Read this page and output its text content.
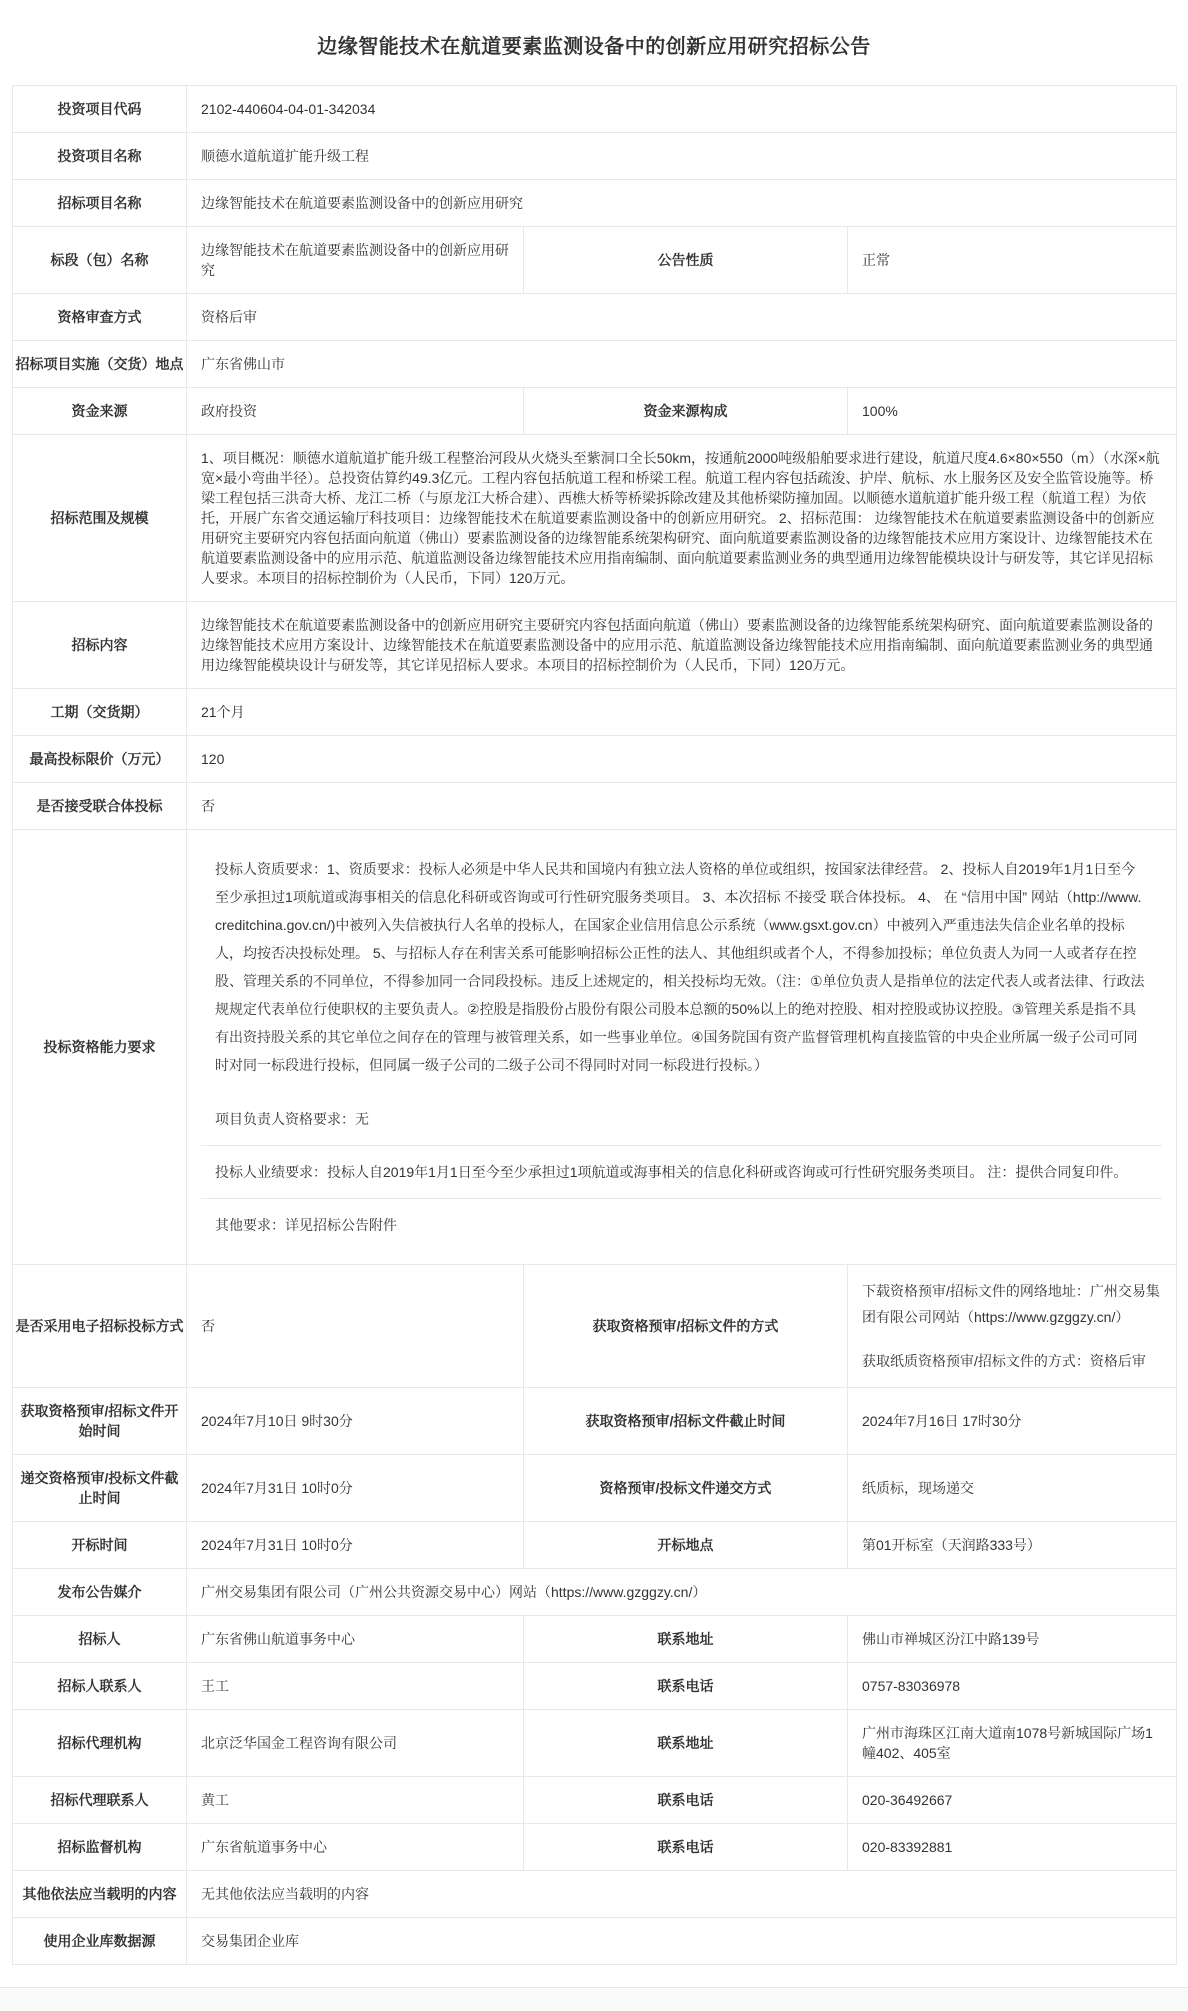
边缘智能技术在航道要素监测设备中的创新应用研究招标公告
投资项目代码	2102-440604-04-01-342034		
投资项目名称	顺德水道航道扩能升级工程		
招标项目名称	边缘智能技术在航道要素监测设备中的创新应用研究		
标段（包）名称	边缘智能技术在航道要素监测设备中的创新应用研究	公告性质	正常
资格审查方式	资格后审		
招标项目实施（交货）地点	广东省佛山市		
资金来源	政府投资	资金来源构成	100%
招标范围及规模	1、项目概况：顺德水道航道扩能升级工程整治河段从火烧头至紫洞口全长50km，按通航2000吨级船舶要求进行建设，航道尺度4.6×80×550（m）（水深×航宽×最小弯曲半径）。总投资估算约49.3亿元。工程内容包括航道工程和桥梁工程。航道工程内容包括疏浚、护岸、航标、水上服务区及安全监管设施等。桥梁工程包括三洪奇大桥、龙江二桥（与原龙江大桥合建）、西樵大桥等桥梁拆除改建及其他桥梁防撞加固。以顺德水道航道扩能升级工程（航道工程）为依托，开展广东省交通运输厅科技项目：边缘智能技术在航道要素监测设备中的创新应用研究。 2、招标范围： 边缘智能技术在航道要素监测设备中的创新应用研究主要研究内容包括面向航道（佛山）要素监测设备的边缘智能系统架构研究、面向航道要素监测设备的边缘智能技术应用方案设计、边缘智能技术在航道要素监测设备中的应用示范、航道监测设备边缘智能技术应用指南编制、面向航道要素监测业务的典型通用边缘智能模块设计与研发等，其它详见招标人要求。本项目的招标控制价为（人民币，下同）120万元。		
招标内容	边缘智能技术在航道要素监测设备中的创新应用研究主要研究内容包括面向航道（佛山）要素监测设备的边缘智能系统架构研究、面向航道要素监测设备的边缘智能技术应用方案设计、边缘智能技术在航道要素监测设备中的应用示范、航道监测设备边缘智能技术应用指南编制、面向航道要素监测业务的典型通用边缘智能模块设计与研发等，其它详见招标人要求。本项目的招标控制价为（人民币，下同）120万元。		
工期（交货期）	21个月		
最高投标限价（万元）	120		
是否接受联合体投标	否		
投标资格能力要求	投标人资质要求：1、资质要求：投标人必须是中华人民共和国境内有独立法人资格的单位或组织，按国家法律经营。 2、投标人自2019年1月1日至今至少承担过1项航道或海事相关的信息化科研或咨询或可行性研究服务类项目。 3、本次招标 不接受 联合体投标。 4、 在 “信用中国” 网站（http://www.creditchina.gov.cn/)中被列入失信被执行人名单的投标人，在国家企业信用信息公示系统（www.gsxt.gov.cn）中被列入严重违法失信企业名单的投标人，均按否决投标处理。 5、与招标人存在利害关系可能影响招标公正性的法人、其他组织或者个人，不得参加投标；单位负责人为同一人或者存在控股、管理关系的不同单位，不得参加同一合同段投标。违反上述规定的，相关投标均无效。（注：①单位负责人是指单位的法定代表人或者法律、行政法规规定代表单位行使职权的主要负责人。②控股是指股份占股份有限公司股本总额的50%以上的绝对控股、相对控股或协议控股。③管理关系是指不具有出资持股关系的其它单位之间存在的管理与被管理关系，如一些事业单位。④国务院国有资产监督管理机构直接监管的中央企业所属一级子公司可同时对同一标段进行投标，但同属一级子公司的二级子公司不得同时对同一标段进行投标。）

项目负责人资格要求：无

投标人业绩要求：投标人自2019年1月1日至今至少承担过1项航道或海事相关的信息化科研或咨询或可行性研究服务类项目。 注：提供合同复印件。
其他要求：详见招标公告附件		

是否采用电子招标投标方式	否	获取资格预审/招标文件的方式	下载资格预审/招标文件的网络地址：广州交易集团有限公司网站（https://www.gzggzy.cn/）

获取纸质资格预审/招标文件的方式：资格后审

获取资格预审/招标文件开始时间	2024年7月10日 9时30分	获取资格预审/招标文件截止时间	2024年7月16日 17时30分
递交资格预审/投标文件截止时间	2024年7月31日 10时0分	资格预审/投标文件递交方式	纸质标，现场递交
开标时间	2024年7月31日 10时0分	开标地点	第01开标室（天润路333号）
发布公告媒介	广州交易集团有限公司（广州公共资源交易中心）网站（https://www.gzggzy.cn/）		
招标人	广东省佛山航道事务中心	联系地址	佛山市禅城区汾江中路139号
招标人联系人	王工	联系电话	0757-83036978
招标代理机构	北京泛华国金工程咨询有限公司	联系地址	广州市海珠区江南大道南1078号新城国际广场1幢402、405室
招标代理联系人	黄工	联系电话	020-36492667
招标监督机构	广东省航道事务中心	联系电话	020-83392881
其他依法应当载明的内容	无其他依法应当载明的内容		
使用企业库数据源	交易集团企业库		
